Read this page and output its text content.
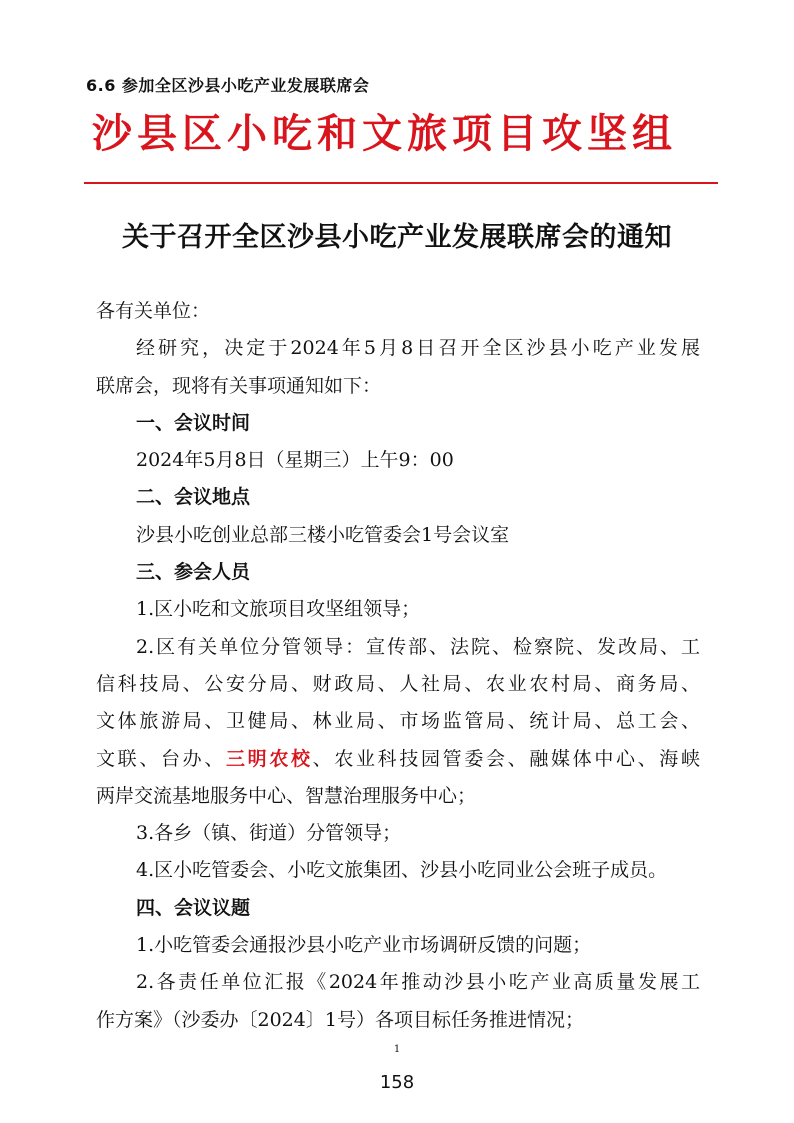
6.6 参加全区沙县小吃产业发展联席会
沙县区小吃和文旅项目攻坚组
关于召开全区沙县小吃产业发展联席会的通知
各有关单位：
经研究，决定于2024年5月8日召开全区沙县小吃产业发展
联席会，现将有关事项通知如下：
一、会议时间
2024年5月8日（星期三）上午9：00
二、会议地点
沙县小吃创业总部三楼小吃管委会1号会议室
三、参会人员
1.区小吃和文旅项目攻坚组领导；
2.区有关单位分管领导：宣传部、法院、检察院、发改局、工
信科技局、公安分局、财政局、人社局、农业农村局、商务局、
文体旅游局、卫健局、林业局、市场监管局、统计局、总工会、
文联、台办、三明农校、农业科技园管委会、融媒体中心、海峡
两岸交流基地服务中心、智慧治理服务中心；
3.各乡（镇、街道）分管领导；
4.区小吃管委会、小吃文旅集团、沙县小吃同业公会班子成员。
四、会议议题
1.小吃管委会通报沙县小吃产业市场调研反馈的问题；
2.各责任单位汇报《2024年推动沙县小吃产业高质量发展工
作方案》（沙委办〔2024〕1号）各项目标任务推进情况；
1
158
